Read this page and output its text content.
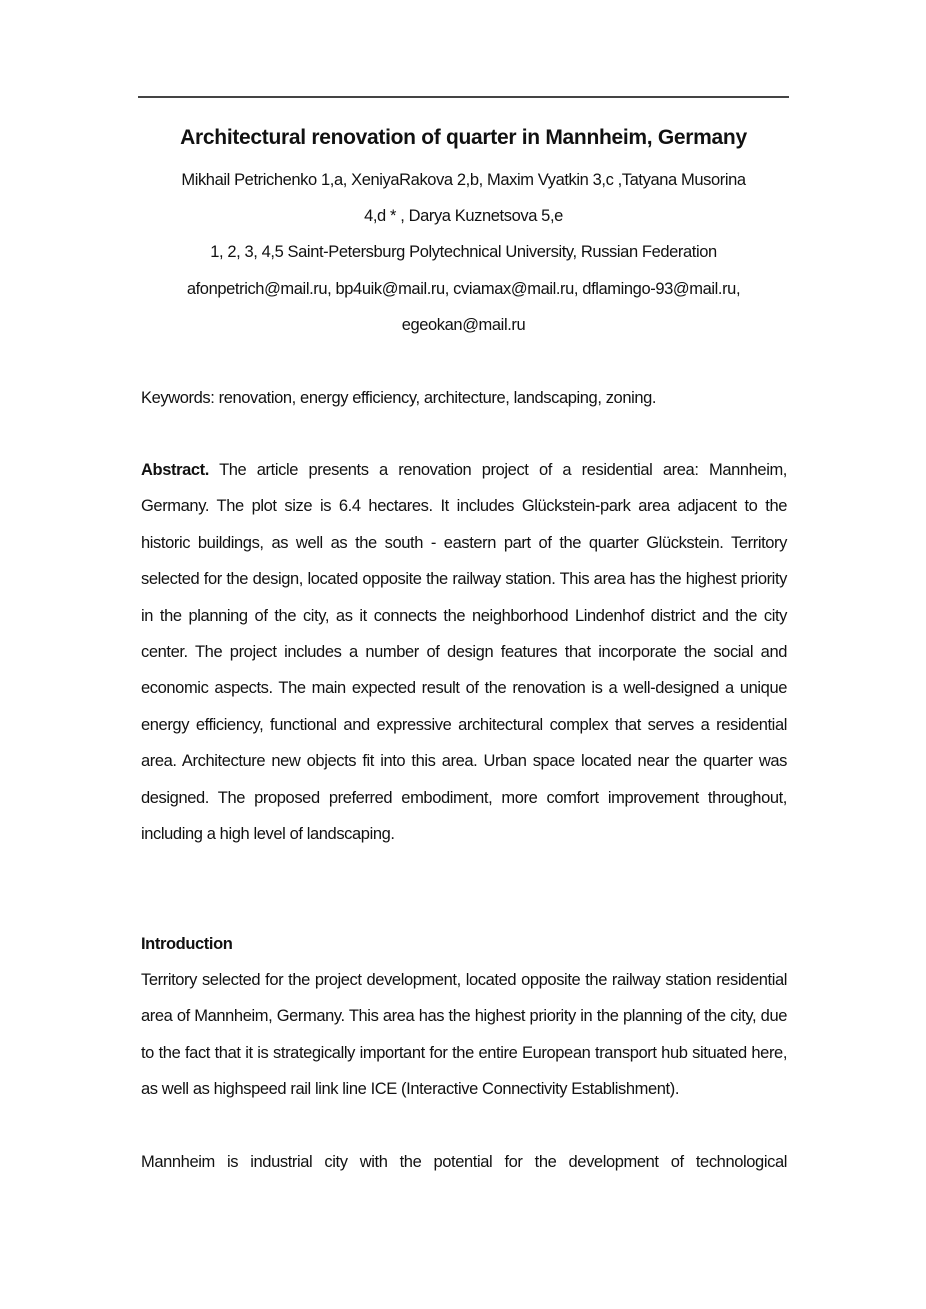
Architectural renovation of quarter in Mannheim, Germany
Mikhail Petrichenko 1,a, XeniyaRakova 2,b, Maxim Vyatkin 3,c ,Tatyana Musorina
4,d * , Darya Kuznetsova 5,e
1, 2, 3, 4,5 Saint-Petersburg Polytechnical University, Russian Federation
afonpetrich@mail.ru, bp4uik@mail.ru, cviamax@mail.ru, dflamingo-93@mail.ru,
egeokan@mail.ru
Keywords: renovation, energy efficiency, architecture, landscaping, zoning.
Abstract. The article presents a renovation project of a residential area: Mannheim, Germany. The plot size is 6.4 hectares. It includes Glückstein-park area adjacent to the historic buildings, as well as the south - eastern part of the quarter Glückstein. Territory selected for the design, located opposite the railway station. This area has the highest priority in the planning of the city, as it connects the neighborhood Lindenhof district and the city center. The project includes a number of design features that incorporate the social and economic aspects. The main expected result of the renovation is a well-designed a unique energy efficiency, functional and expressive architectural complex that serves a residential area. Architecture new objects fit into this area. Urban space located near the quarter was designed. The proposed preferred embodiment, more comfort improvement throughout, including a high level of landscaping.
Introduction
Territory selected for the project development, located opposite the railway station residential area of Mannheim, Germany. This area has the highest priority in the planning of the city, due to the fact that it is strategically important for the entire European transport hub situated here, as well as highspeed rail link line ICE (Interactive Connectivity Establishment).
Mannheim is industrial city with the potential for the development of technological
